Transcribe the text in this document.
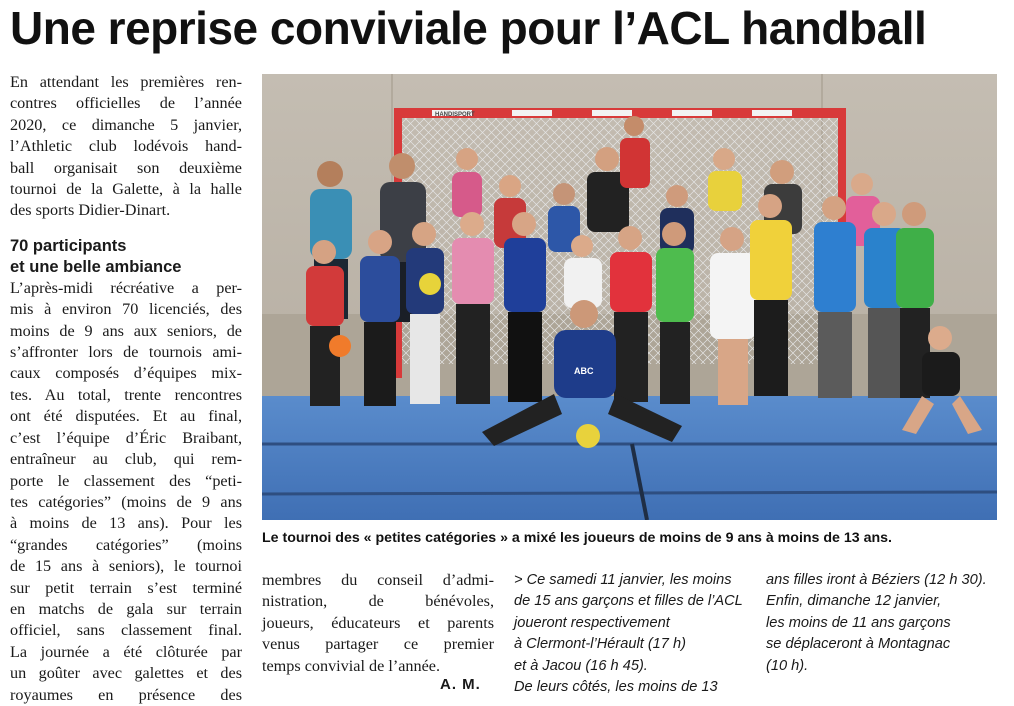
Une reprise conviviale pour l’ACL handball
En attendant les premières ren-
contres officielles de l’année
2020, ce dimanche 5 janvier,
l’Athletic club lodévois hand-
ball organisait son deuxième
tournoi de la Galette, à la halle
des sports Didier-Dinart.
70 participants
et une belle ambiance
L’après-midi récréative a per-
mis à environ 70 licenciés, des
moins de 9 ans aux seniors, de
s’affronter lors de tournois ami-
caux composés d’équipes mix-
tes. Au total, trente rencontres
ont été disputées. Et au final,
c’est l’équipe d’Éric Braibant,
entraîneur au club, qui rem-
porte le classement des “peti-
tes catégories” (moins de 9 ans
à moins de 13 ans). Pour les
“grandes catégories” (moins
de 15 ans à seniors), le tournoi
sur petit terrain s’est terminé
en matchs de gala sur terrain
officiel, sans classement final.
La journée a été clôturée par
un goûter avec galettes et des
royaumes en présence des
HANDISPORT
ABC
Le tournoi des « petites catégories » a mixé les joueurs de moins de 9 ans à moins de 13 ans.
membres du conseil d’admi-
nistration, de bénévoles,
joueurs, éducateurs et parents
venus partager ce premier
temps convivial de l’année.
A. M.
> Ce samedi 11 janvier, les moins
de 15 ans garçons et filles de l’ACL
joueront respectivement
à Clermont-l’Hérault (17 h)
et à Jacou (16 h 45).
De leurs côtés, les moins de 13
ans filles iront à Béziers (12 h 30).
Enfin, dimanche 12 janvier,
les moins de 11 ans garçons
se déplaceront à Montagnac
(10 h).
